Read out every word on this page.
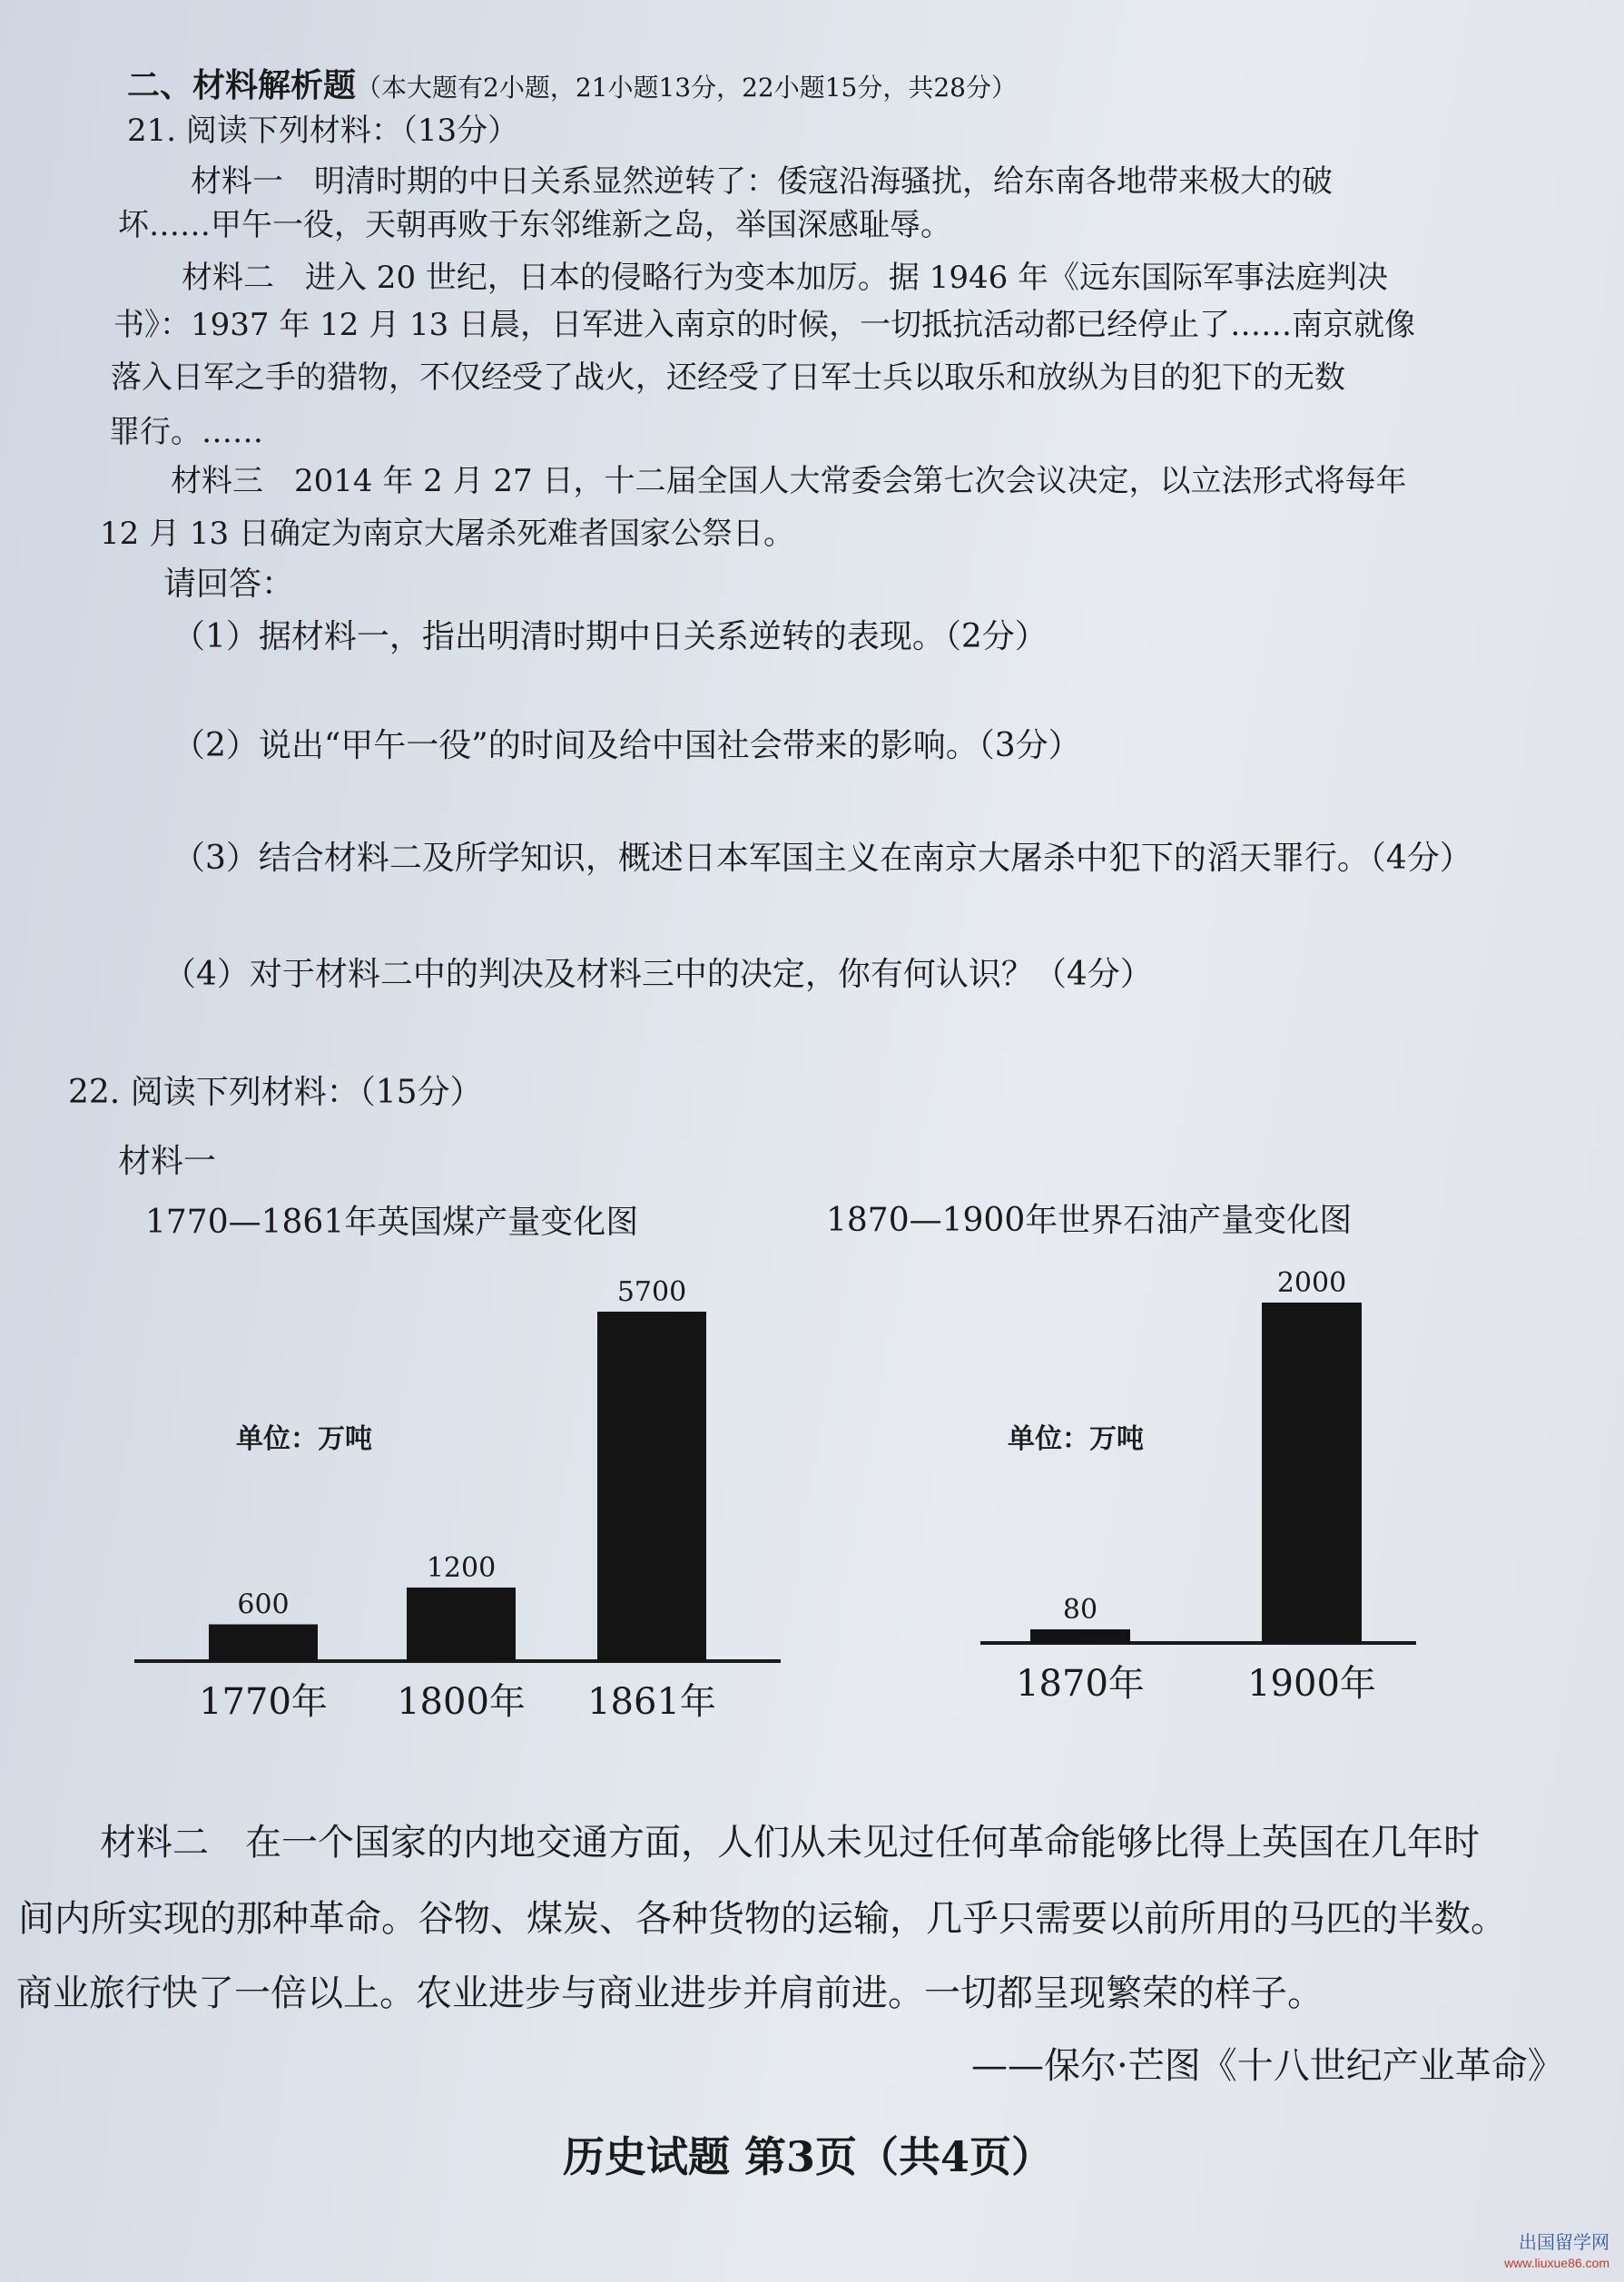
二、材料解析题（本大题有2小题，21小题13分，22小题15分，共28分）
21. 阅读下列材料：（13分）
材料一　明清时期的中日关系显然逆转了：倭寇沿海骚扰，给东南各地带来极大的破
坏……甲午一役，天朝再败于东邻维新之岛，举国深感耻辱。
材料二　进入 20 世纪，日本的侵略行为变本加厉。据 1946 年《远东国际军事法庭判决
书》：1937 年 12 月 13 日晨，日军进入南京的时候，一切抵抗活动都已经停止了……南京就像
落入日军之手的猎物，不仅经受了战火，还经受了日军士兵以取乐和放纵为目的犯下的无数
罪行。……
材料三　2014 年 2 月 27 日，十二届全国人大常委会第七次会议决定，以立法形式将每年
12 月 13 日确定为南京大屠杀死难者国家公祭日。
请回答：
（1）据材料一，指出明清时期中日关系逆转的表现。（2分）
（2）说出“甲午一役”的时间及给中国社会带来的影响。（3分）
（3）结合材料二及所学知识，概述日本军国主义在南京大屠杀中犯下的滔天罪行。（4分）
（4）对于材料二中的判决及材料三中的决定，你有何认识？（4分）
22. 阅读下列材料：（15分）
材料一
1770—1861年英国煤产量变化图	1870—1900年世界石油产量变化图
单位：万吨
600
1770年
1200
1800年
5700
1861年
单位：万吨
80
1870年
2000
1900年
材料二　在一个国家的内地交通方面，人们从未见过任何革命能够比得上英国在几年时
间内所实现的那种革命。谷物、煤炭、各种货物的运输，几乎只需要以前所用的马匹的半数。
商业旅行快了一倍以上。农业进步与商业进步并肩前进。一切都呈现繁荣的样子。
——保尔·芒图《十八世纪产业革命》
历史试题 第3页（共4页）
出国留学网
www.liuxue86.com
